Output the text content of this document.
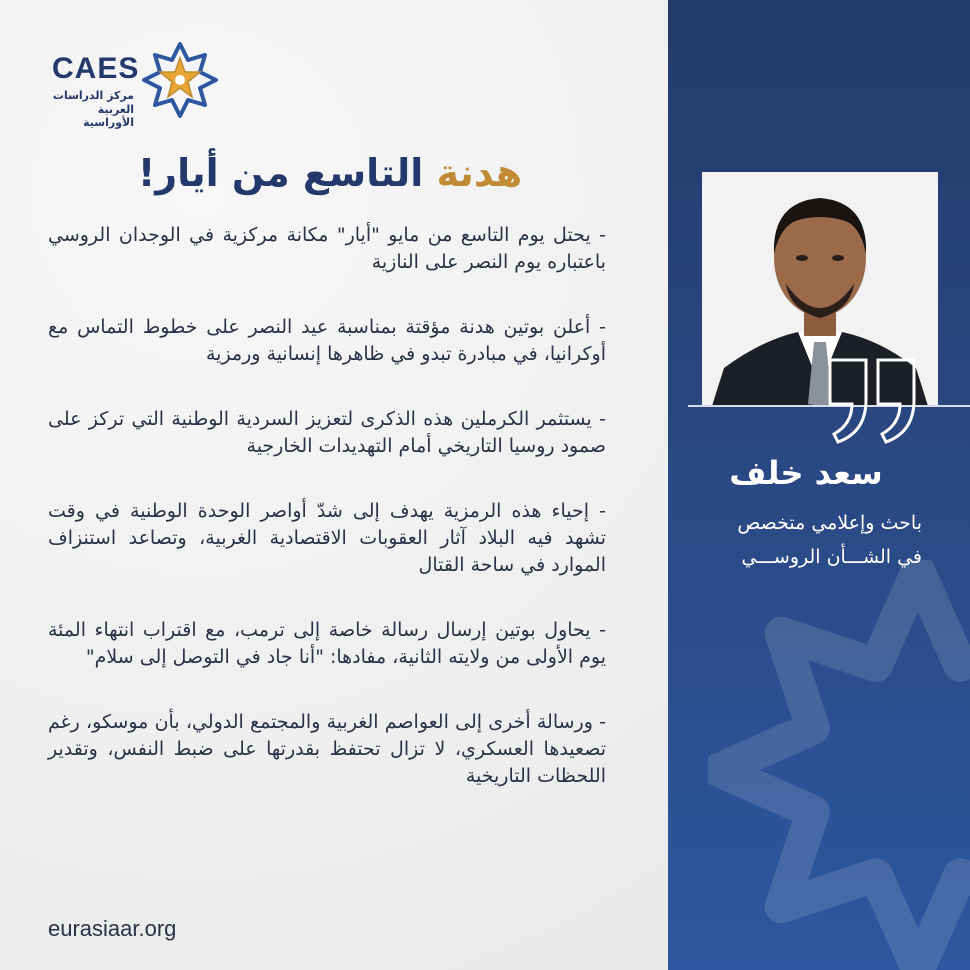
CAES
مركز الدراسات
العربية الأوراسية
هدنة التاسع من أيار!

- يحتل يوم التاسع من مايو "أيار" مكانة مركزية في الوجدان الروسي باعتباره يوم النصر على النازية

- أعلن بوتين هدنة مؤقتة بمناسبة عيد النصر على خطوط التماس مع أوكرانيا، في مبادرة تبدو في ظاهرها إنسانية ورمزية

- يستثمر الكرملين هذه الذكرى لتعزيز السردية الوطنية التي تركز على صمود روسيا التاريخي أمام التهديدات الخارجية

- إحياء هذه الرمزية يهدف إلى شدّ أواصر الوحدة الوطنية في وقت تشهد فيه البلاد آثار العقوبات الاقتصادية الغربية، وتصاعد استنزاف الموارد في ساحة القتال

- يحاول بوتين إرسال رسالة خاصة إلى ترمب، مع اقتراب انتهاء المئة يوم الأولى من ولايته الثانية، مفادها: "أنا جاد في التوصل إلى سلام"

- ورسالة أخرى إلى العواصم الغربية والمجتمع الدولي، بأن موسكو، رغم تصعيدها العسكري، لا تزال تحتفظ بقدرتها على ضبط النفس، وتقدير اللحظات التاريخية

eurasiaar.org
سعد خلف
باحث وإعلامي متخصص
في الشـــأن الروســـي
